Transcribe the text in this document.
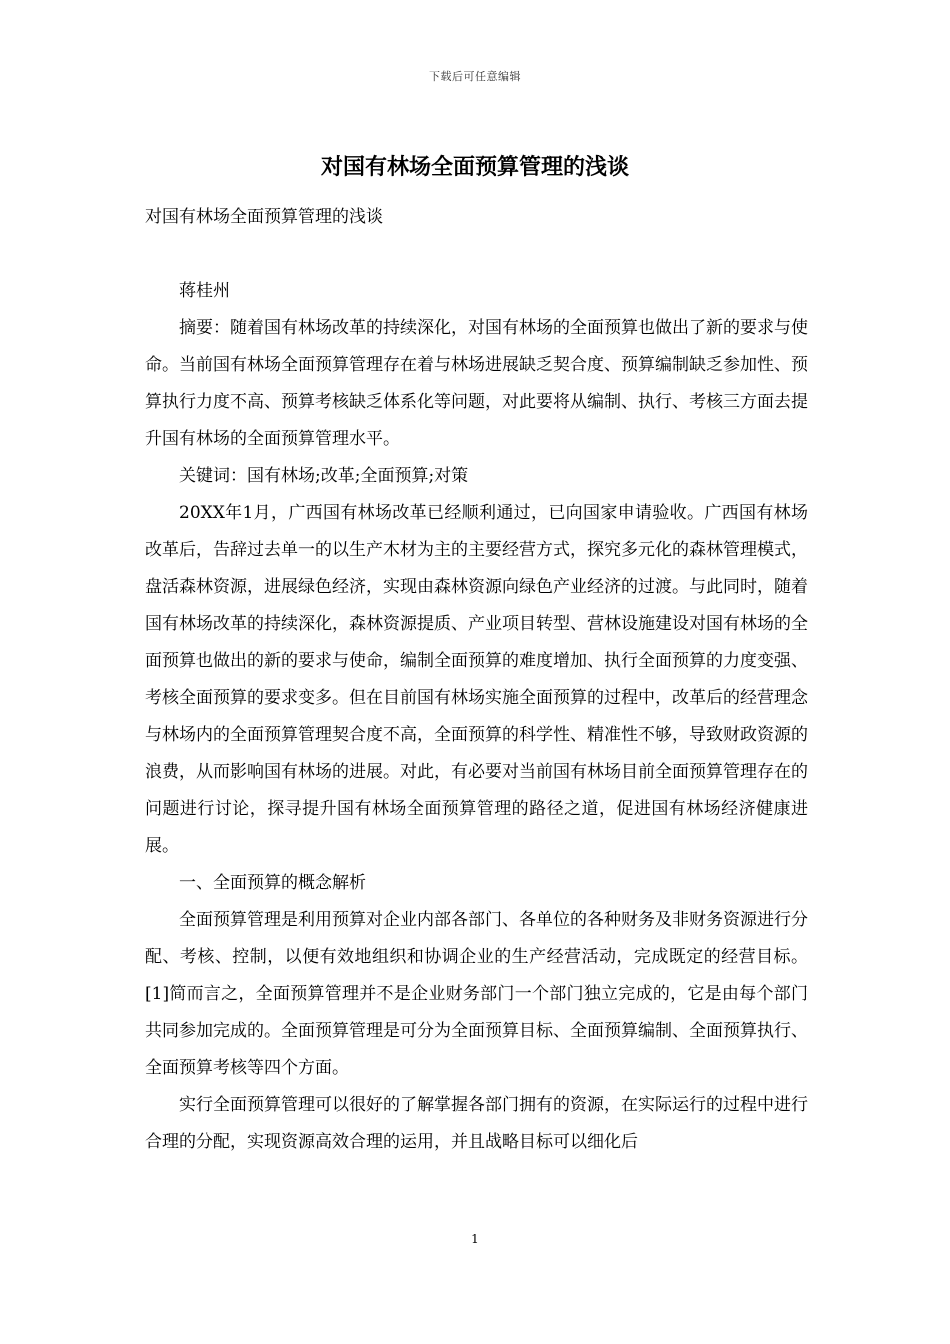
下载后可任意编辑
对国有林场全面预算管理的浅谈

对国有林场全面预算管理的浅谈

蒋桂州

摘要：随着国有林场改革的持续深化，对国有林场的全面预算也做出了新的要求与使命。当前国有林场全面预算管理存在着与林场进展缺乏契合度、预算编制缺乏参加性、预算执行力度不高、预算考核缺乏体系化等问题，对此要将从编制、执行、考核三方面去提升国有林场的全面预算管理水平。

关键词：国有林场;改革;全面预算;对策

20XX年1月，广西国有林场改革已经顺利通过，已向国家申请验收。广西国有林场改革后，告辞过去单一的以生产木材为主的主要经营方式，探究多元化的森林管理模式，盘活森林资源，进展绿色经济，实现由森林资源向绿色产业经济的过渡。与此同时，随着国有林场改革的持续深化，森林资源提质、产业项目转型、营林设施建设对国有林场的全面预算也做出的新的要求与使命，编制全面预算的难度增加、执行全面预算的力度变强、考核全面预算的要求变多。但在目前国有林场实施全面预算的过程中，改革后的经营理念与林场内的全面预算管理契合度不高，全面预算的科学性、精准性不够，导致财政资源的浪费，从而影响国有林场的进展。对此，有必要对当前国有林场目前全面预算管理存在的问题进行讨论，探寻提升国有林场全面预算管理的路径之道，促进国有林场经济健康进展。

一、全面预算的概念解析

全面预算管理是利用预算对企业内部各部门、各单位的各种财务及非财务资源进行分配、考核、控制，以便有效地组织和协调企业的生产经营活动，完成既定的经营目标。[1]简而言之，全面预算管理并不是企业财务部门一个部门独立完成的，它是由每个部门共同参加完成的。全面预算管理是可分为全面预算目标、全面预算编制、全面预算执行、全面预算考核等四个方面。

实行全面预算管理可以很好的了解掌握各部门拥有的资源，在实际运行的过程中进行合理的分配，实现资源高效合理的运用，并且战略目标可以细化后

1
